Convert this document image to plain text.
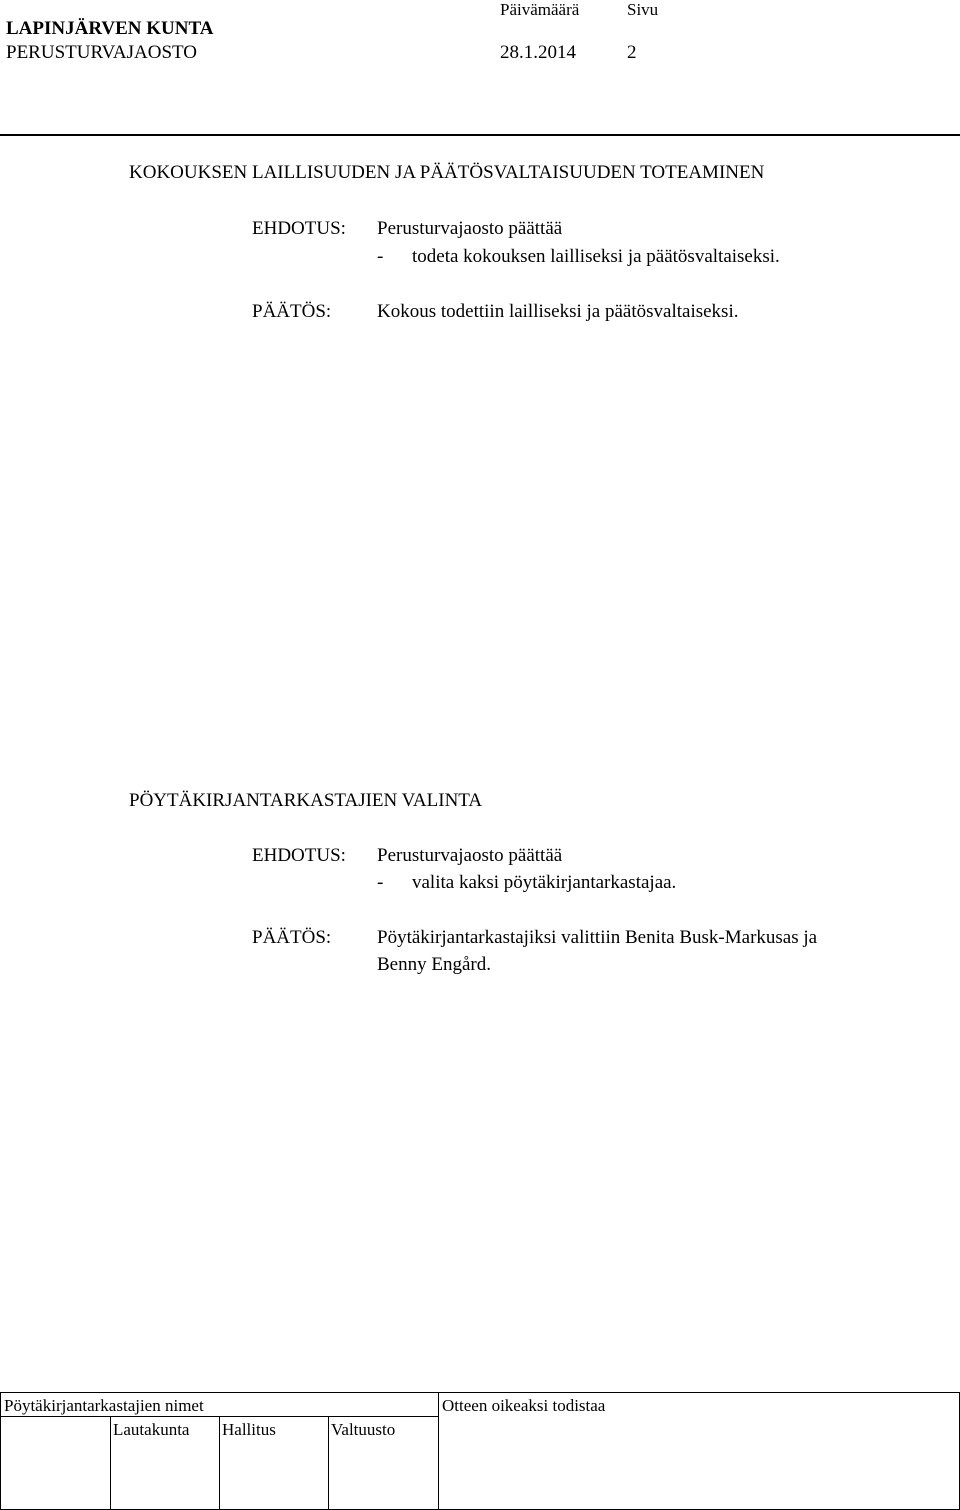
LAPINJÄRVEN KUNTA
PERUSTURVAJAOSTO
Päivämäärä
28.1.2014
Sivu
2
KOKOUKSEN LAILLISUUDEN JA PÄÄTÖSVALTAISUUDEN TOTEAMINEN
EHDOTUS: Perusturvajaosto päättää
- todeta kokouksen lailliseksi ja päätösvaltaiseksi.
PÄÄTÖS: Kokous todettiin lailliseksi ja päätösvaltaiseksi.
PÖYTÄKIRJANTARKASTAJIEN VALINTA
EHDOTUS: Perusturvajaosto päättää
- valita kaksi pöytäkirjantarkastajaa.
PÄÄTÖS: Pöytäkirjantarkastajiksi valittiin Benita Busk-Markusas ja
Benny Engård.
Pöytäkirjantarkastajien nimet
Lautakunta Hallitus	Valtuusto
Otteen oikeaksi todistaa
